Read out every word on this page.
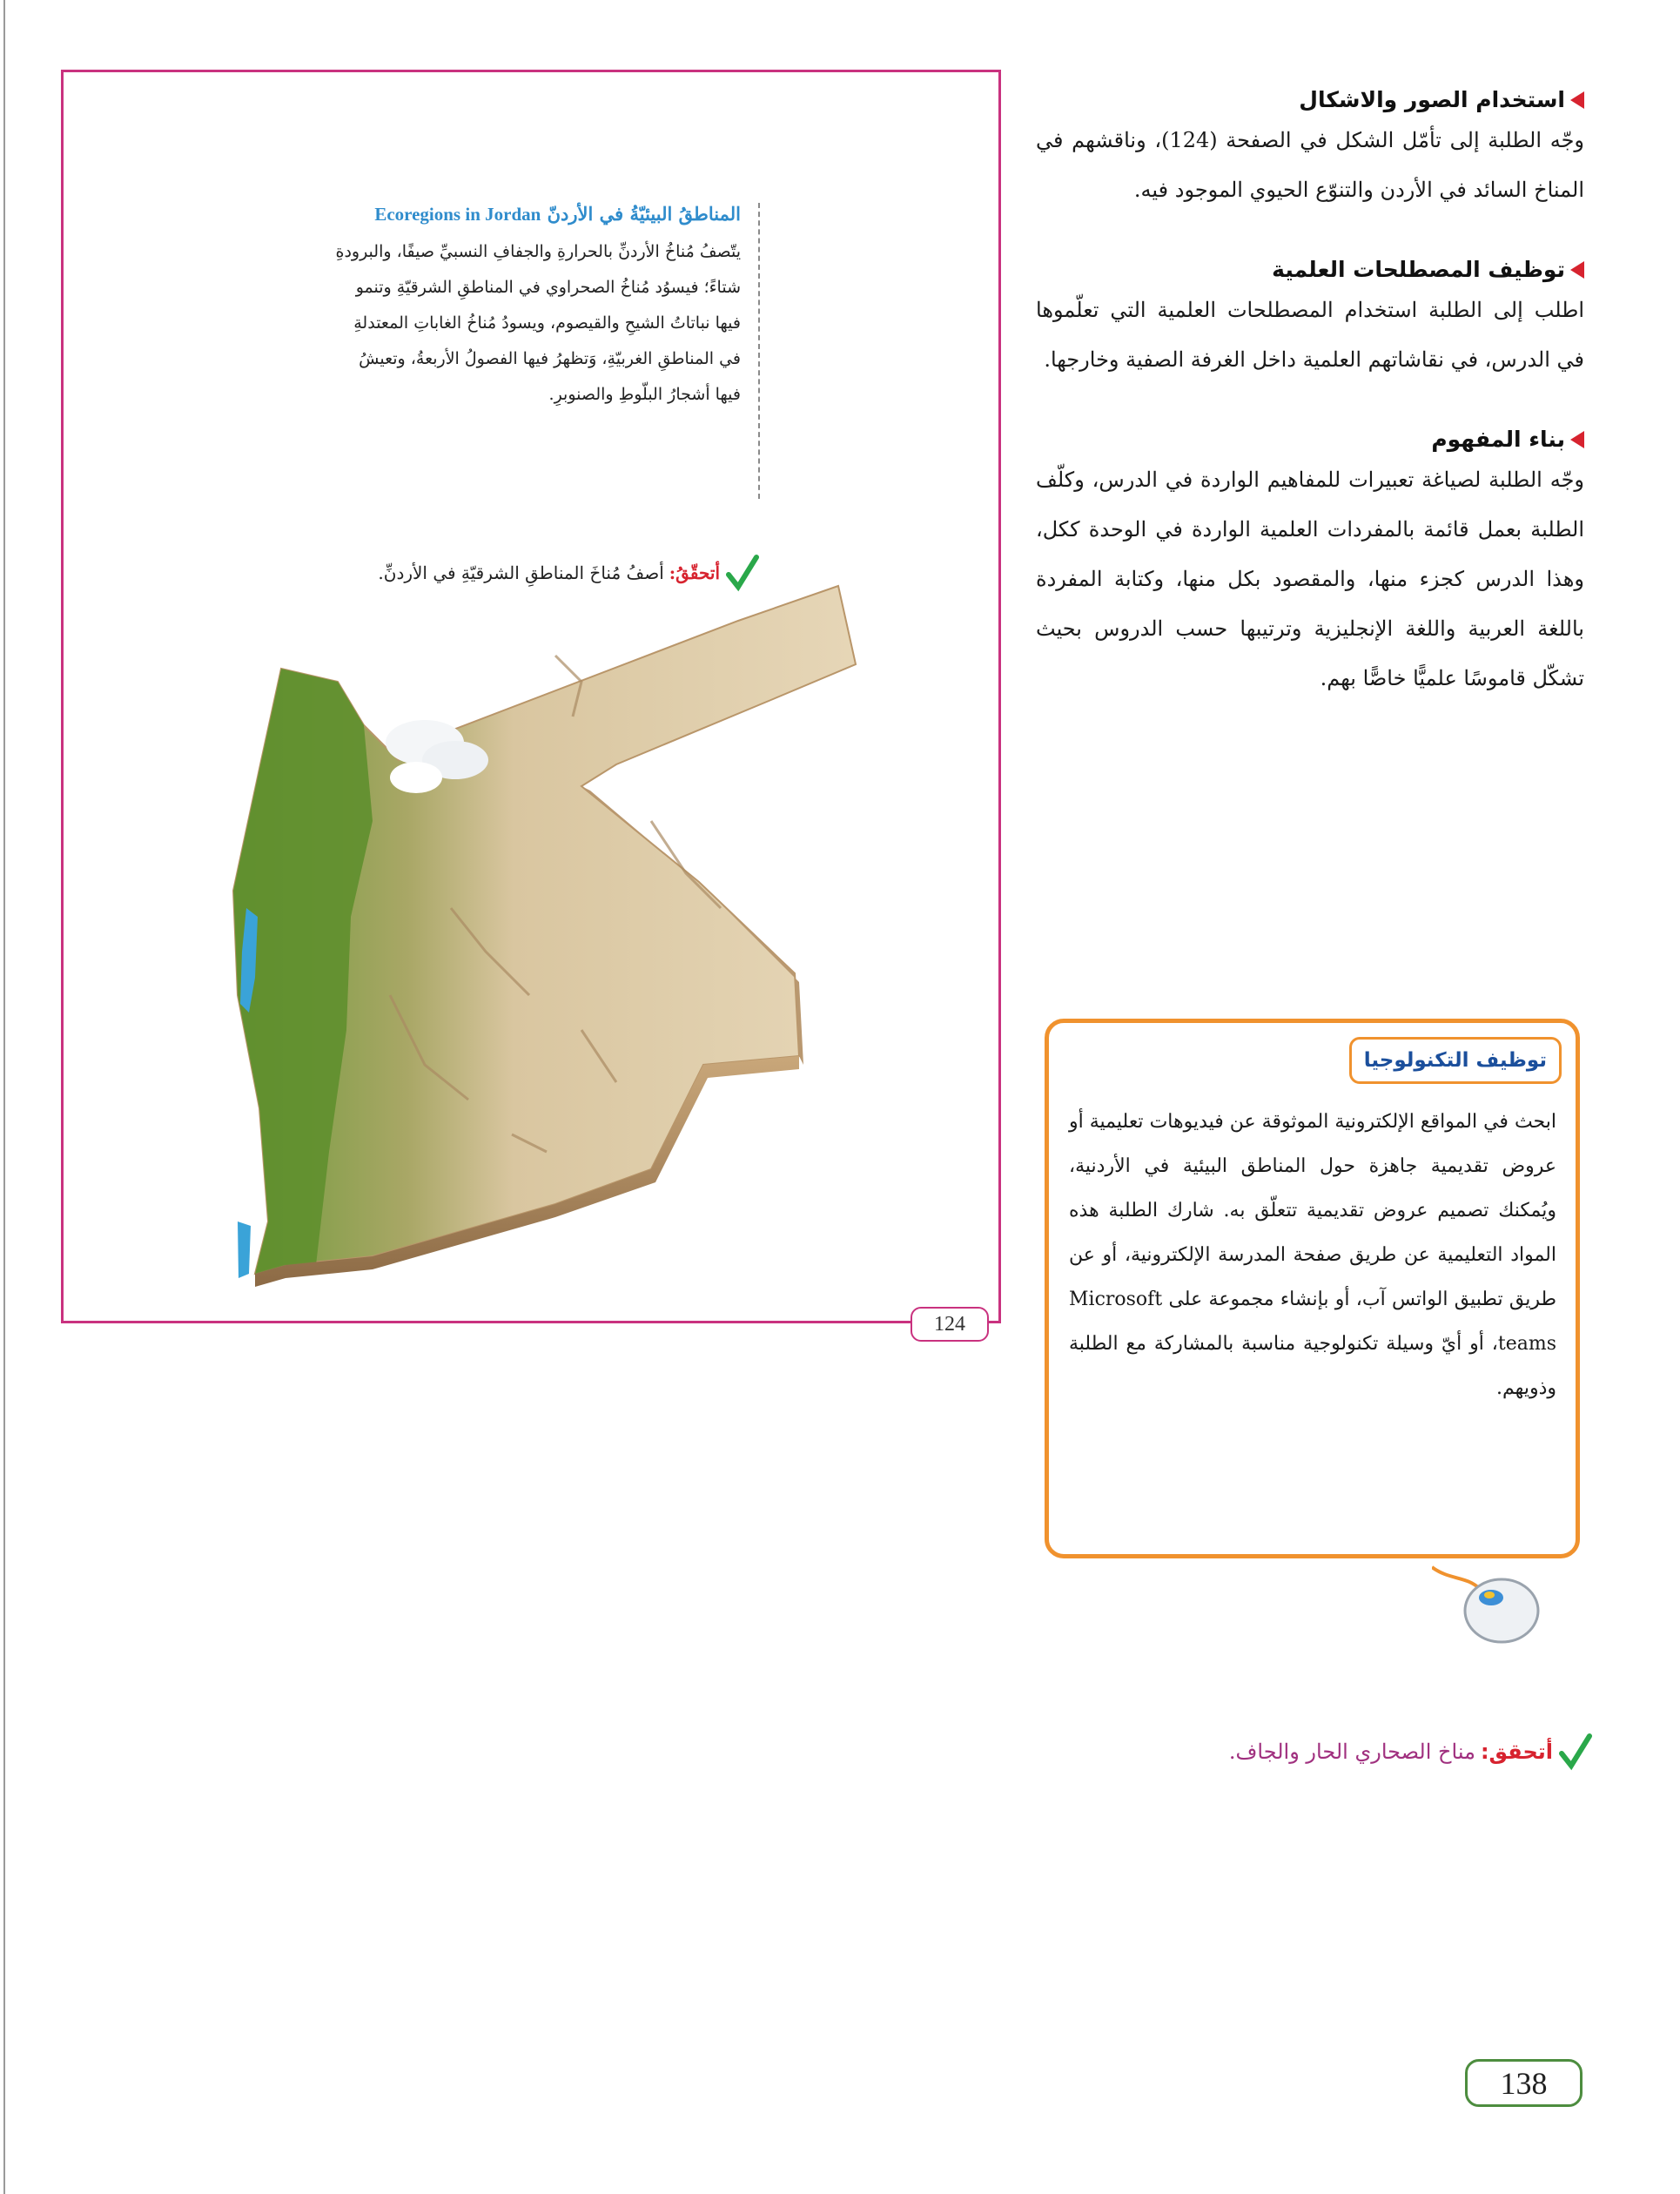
المناطقُ البيئيّةُ في الأردنّ Ecoregions in Jordan

يتّصفُ مُناخُ الأردنِّ بالحرارةِ والجفافِ النسبيِّ صيفًا، والبرودةِ شتاءً؛ فيسوُد مُناخُ الصحراوي في المناطقِ الشرقيّةِ وتنمو فيها نباتاتُ الشيحِ والقيصوم، ويسودُ مُناخُ الغاباتِ المعتدلةِ في المناطقِ الغربيّةِ، وَتظهرُ فيها الفصولُ الأربعةُ، وتعيشُ فيها أشجارُ البلّوطِ والصنوبرِ.

أتحقّقُ:
أصفُ مُناخَ المناطقِ الشرقيّةِ في الأردنِّ.
124

استخدام الصور والاشكال

وجّه الطلبة إلى تأمّل الشكل في الصفحة (124)، وناقشهم في المناخ السائد في الأردن والتنوّع الحيوي الموجود فيه.

توظيف المصطلحات العلمية

اطلب إلى الطلبة استخدام المصطلحات العلمية التي تعلّموها في الدرس، في نقاشاتهم العلمية داخل الغرفة الصفية وخارجها.

بناء المفهوم

وجّه الطلبة لصياغة تعبيرات للمفاهيم الواردة في الدرس، وكلّف الطلبة بعمل قائمة بالمفردات العلمية الواردة في الوحدة ككل، وهذا الدرس كجزء منها، والمقصود بكل منها، وكتابة المفردة باللغة العربية واللغة الإنجليزية وترتيبها حسب الدروس بحيث تشكّل قاموسًا علميًّا خاصًّا بهم.

توظيف التكنولوجيا

ابحث في المواقع الإلكترونية الموثوقة عن فيديوهات تعليمية أو عروض تقديمية جاهزة حول المناطق البيئية في الأردنية، ويُمكنك تصميم عروض تقديمية تتعلّق به. شارك الطلبة هذه المواد التعليمية عن طريق صفحة المدرسة الإلكترونية، أو عن طريق تطبيق الواتس آب، أو بإنشاء مجموعة على Microsoft teams، أو أيّ وسيلة تكنولوجية مناسبة بالمشاركة مع الطلبة وذويهم.

أتحقق:
مناخ الصحاري الحار والجاف.
138
